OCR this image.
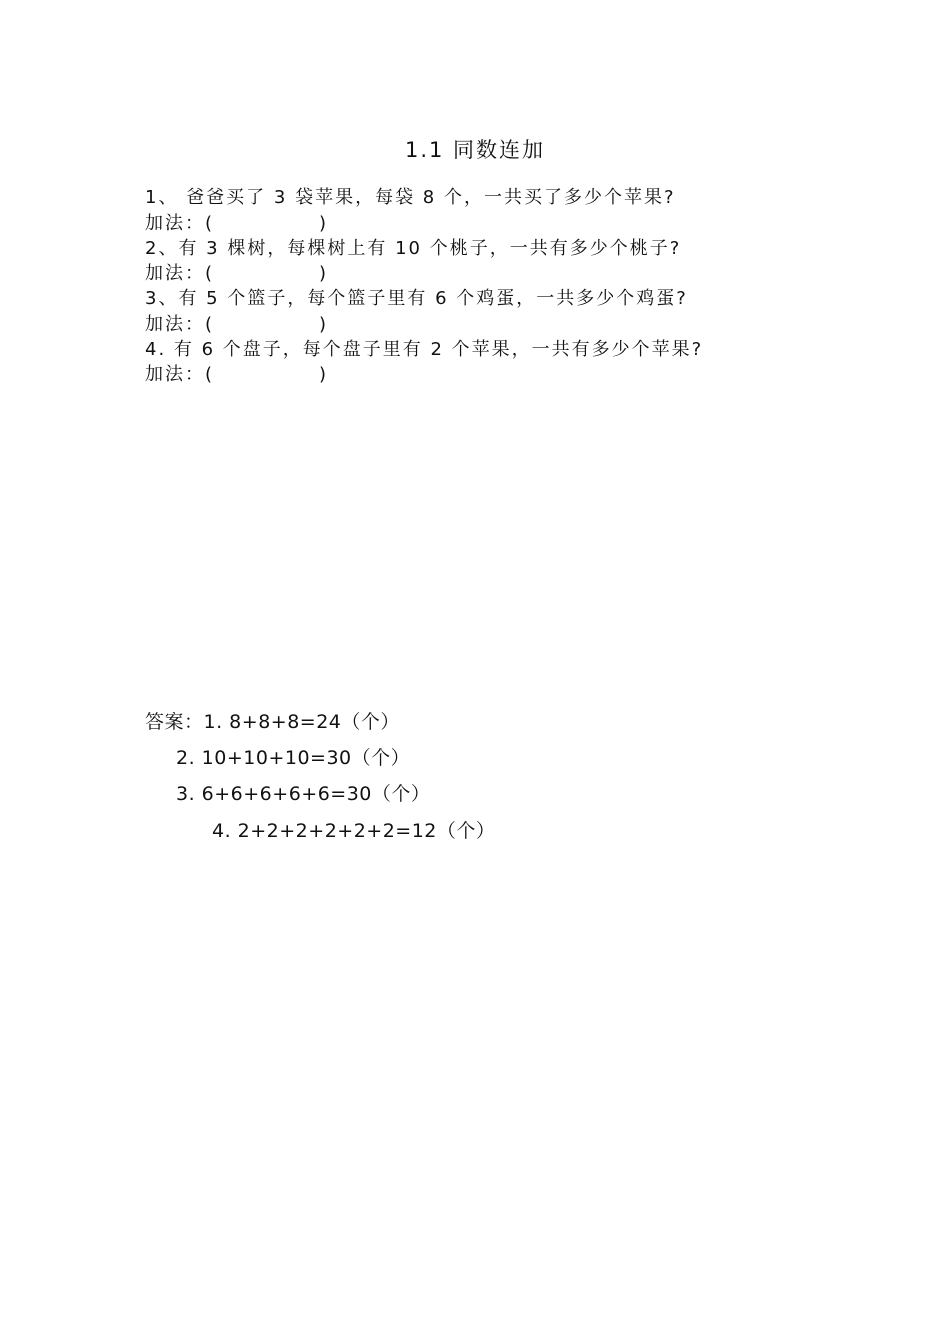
1.1 同数连加
1、 爸爸买了 3 袋苹果，每袋 8 个，一共买了多少个苹果?
加法：(	)
2、有 3 棵树，每棵树上有 10 个桃子，一共有多少个桃子?
加法：(	)
3、有 5 个篮子，每个篮子里有 6 个鸡蛋，一共多少个鸡蛋?
加法：(	)
4. 有 6 个盘子，每个盘子里有 2 个苹果，一共有多少个苹果?
加法：(	)
答案：1. 8+8+8=24（个）
2. 10+10+10=30（个）
3. 6+6+6+6+6=30（个）
4. 2+2+2+2+2+2=12（个）
